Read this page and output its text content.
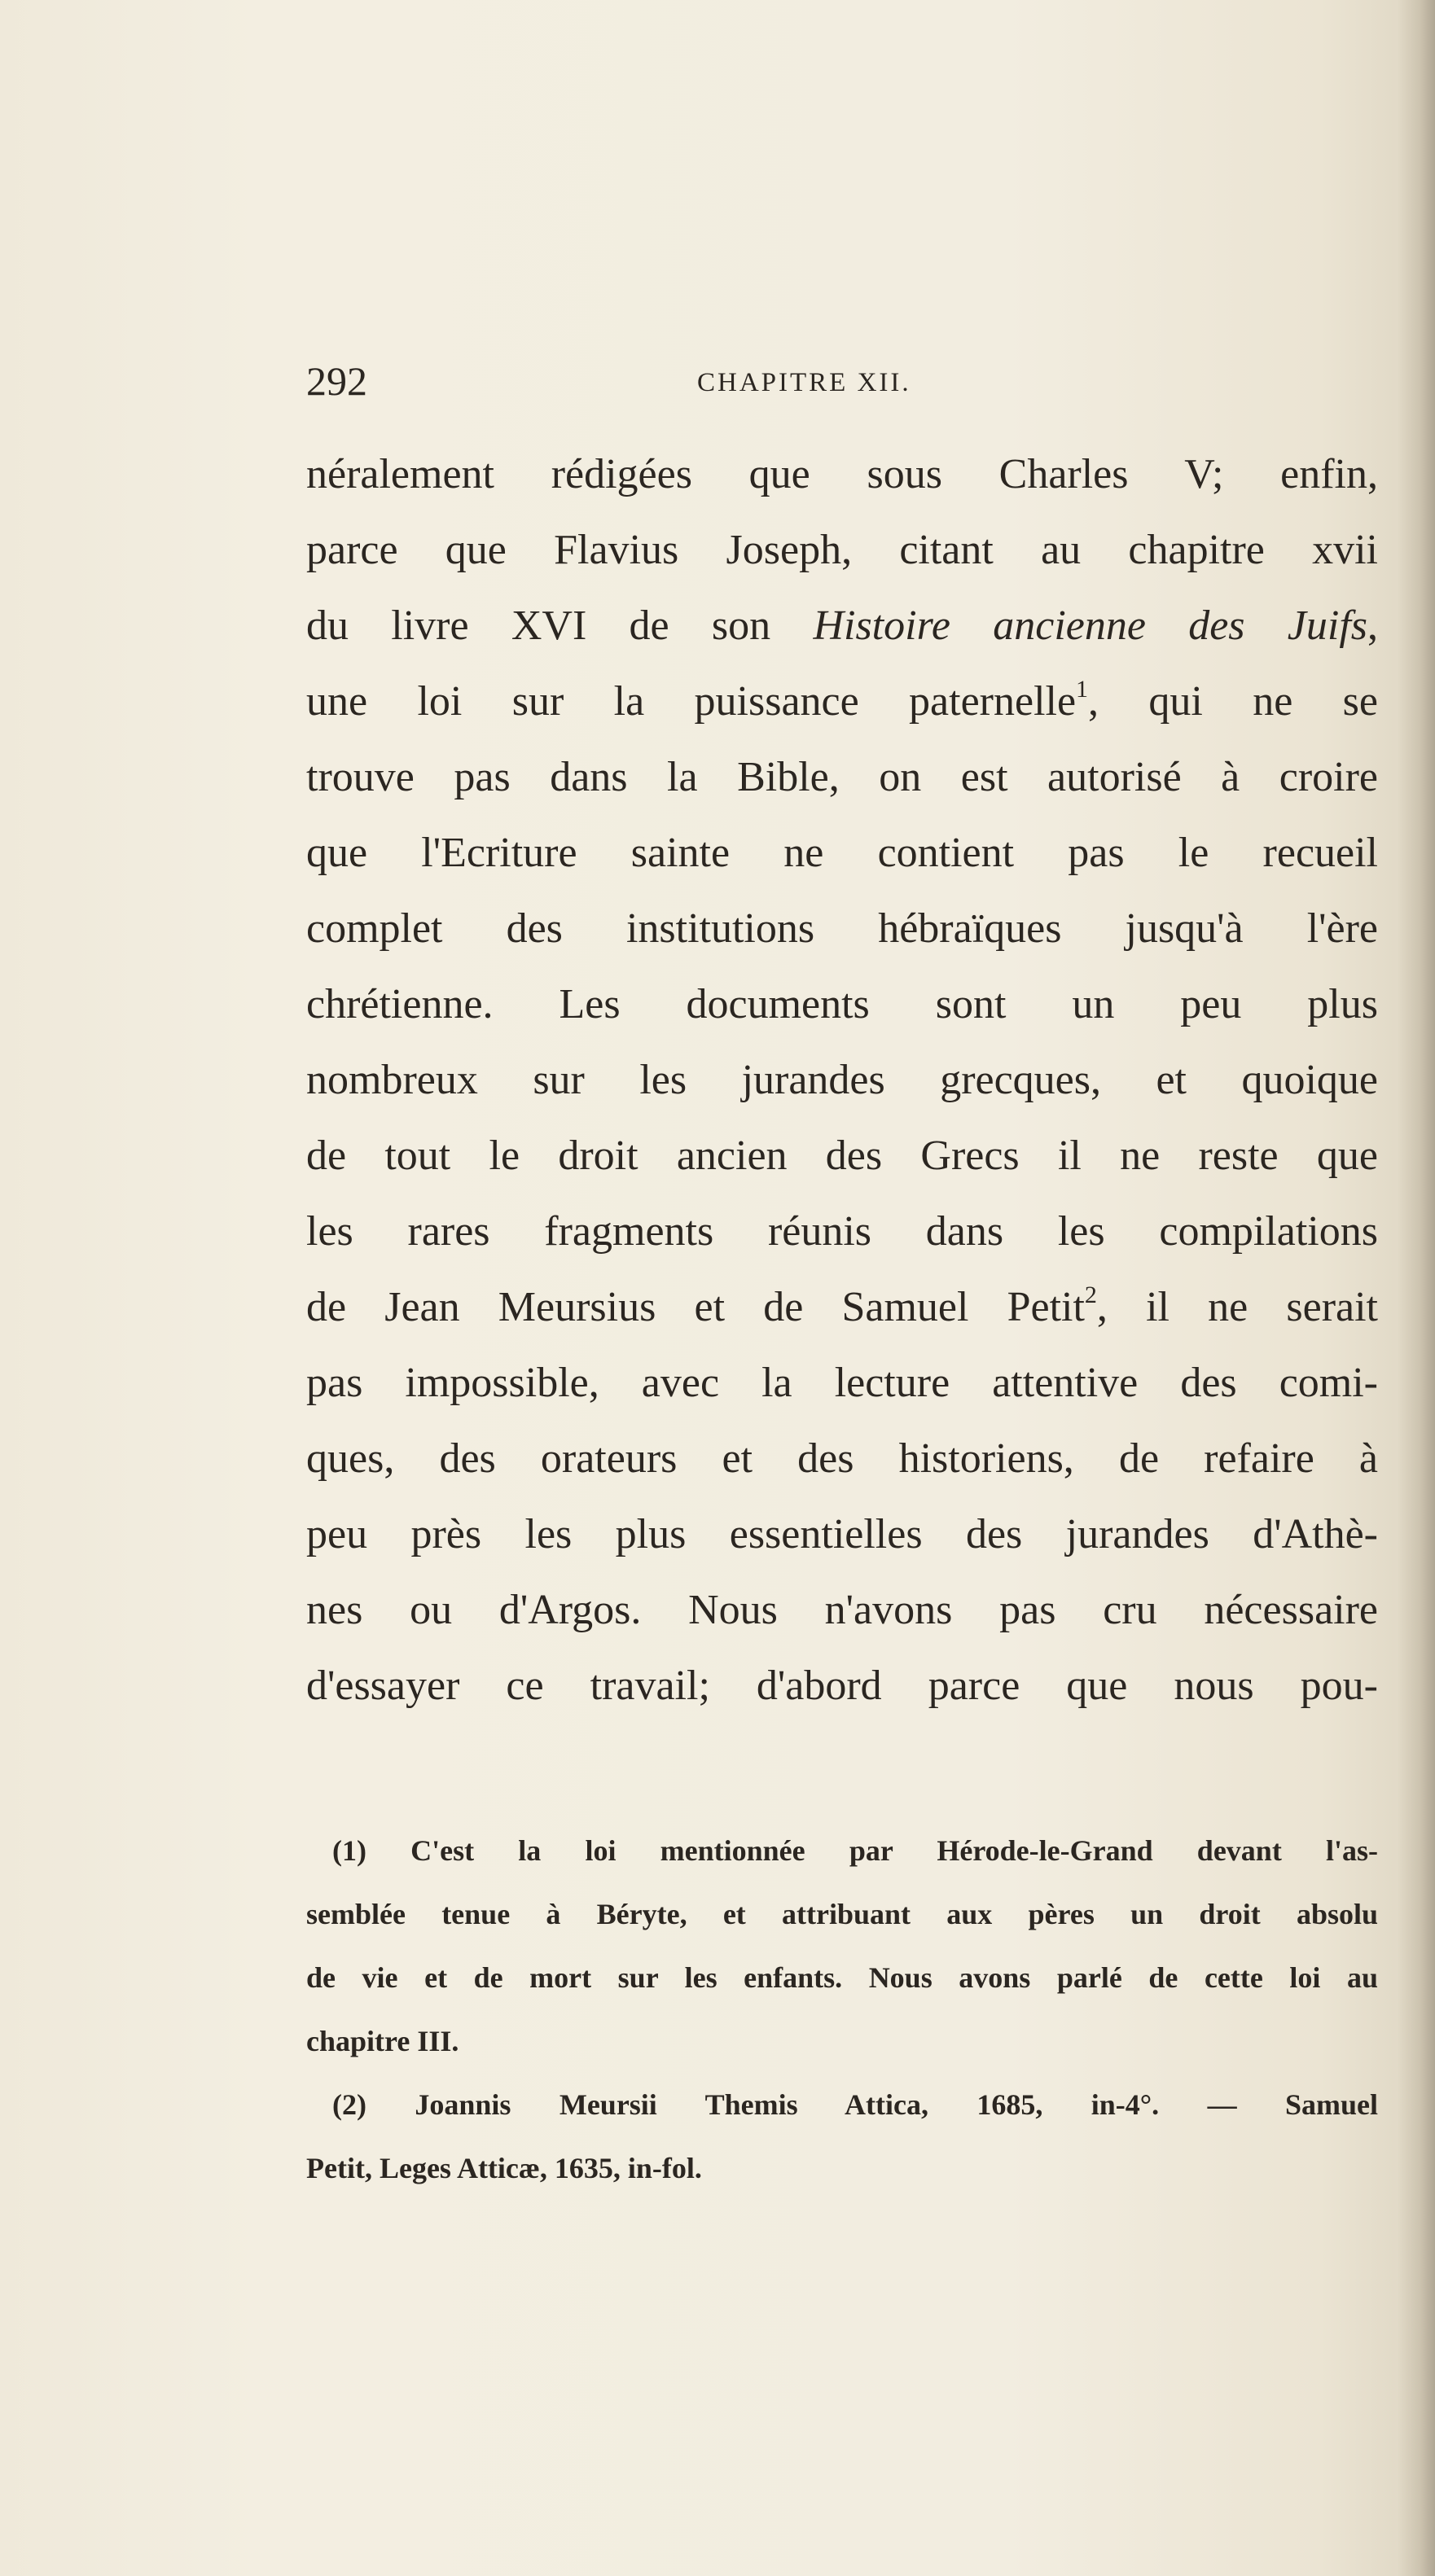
292	CHAPITRE XII.
néralement rédigées que sous Charles V; enfin,
parce que Flavius Joseph, citant au chapitre xvii
du livre XVI de son Histoire ancienne des Juifs,
une loi sur la puissance paternelle$^1$, qui ne se
trouve pas dans la Bible, on est autorisé à croire
que l'Ecriture sainte ne contient pas le recueil
complet des institutions hébraïques jusqu'à l'ère
chrétienne. Les documents sont un peu plus
nombreux sur les jurandes grecques, et quoique
de tout le droit ancien des Grecs il ne reste que
les rares fragments réunis dans les compilations
de Jean Meursius et de Samuel Petit$^2$, il ne serait
pas impossible, avec la lecture attentive des comi-
ques, des orateurs et des historiens, de refaire à
peu près les plus essentielles des jurandes d'Athè-
nes ou d'Argos. Nous n'avons pas cru nécessaire
d'essayer ce travail; d'abord parce que nous pou-
(1) C'est la loi mentionnée par Hérode-le-Grand devant l'as-
semblée tenue à Béryte, et attribuant aux pères un droit absolu
de vie et de mort sur les enfants. Nous avons parlé de cette loi au
chapitre III.
(2) Joannis Meursii Themis Attica, 1685, in-4°. — Samuel
Petit, Leges Atticæ, 1635, in-fol.
